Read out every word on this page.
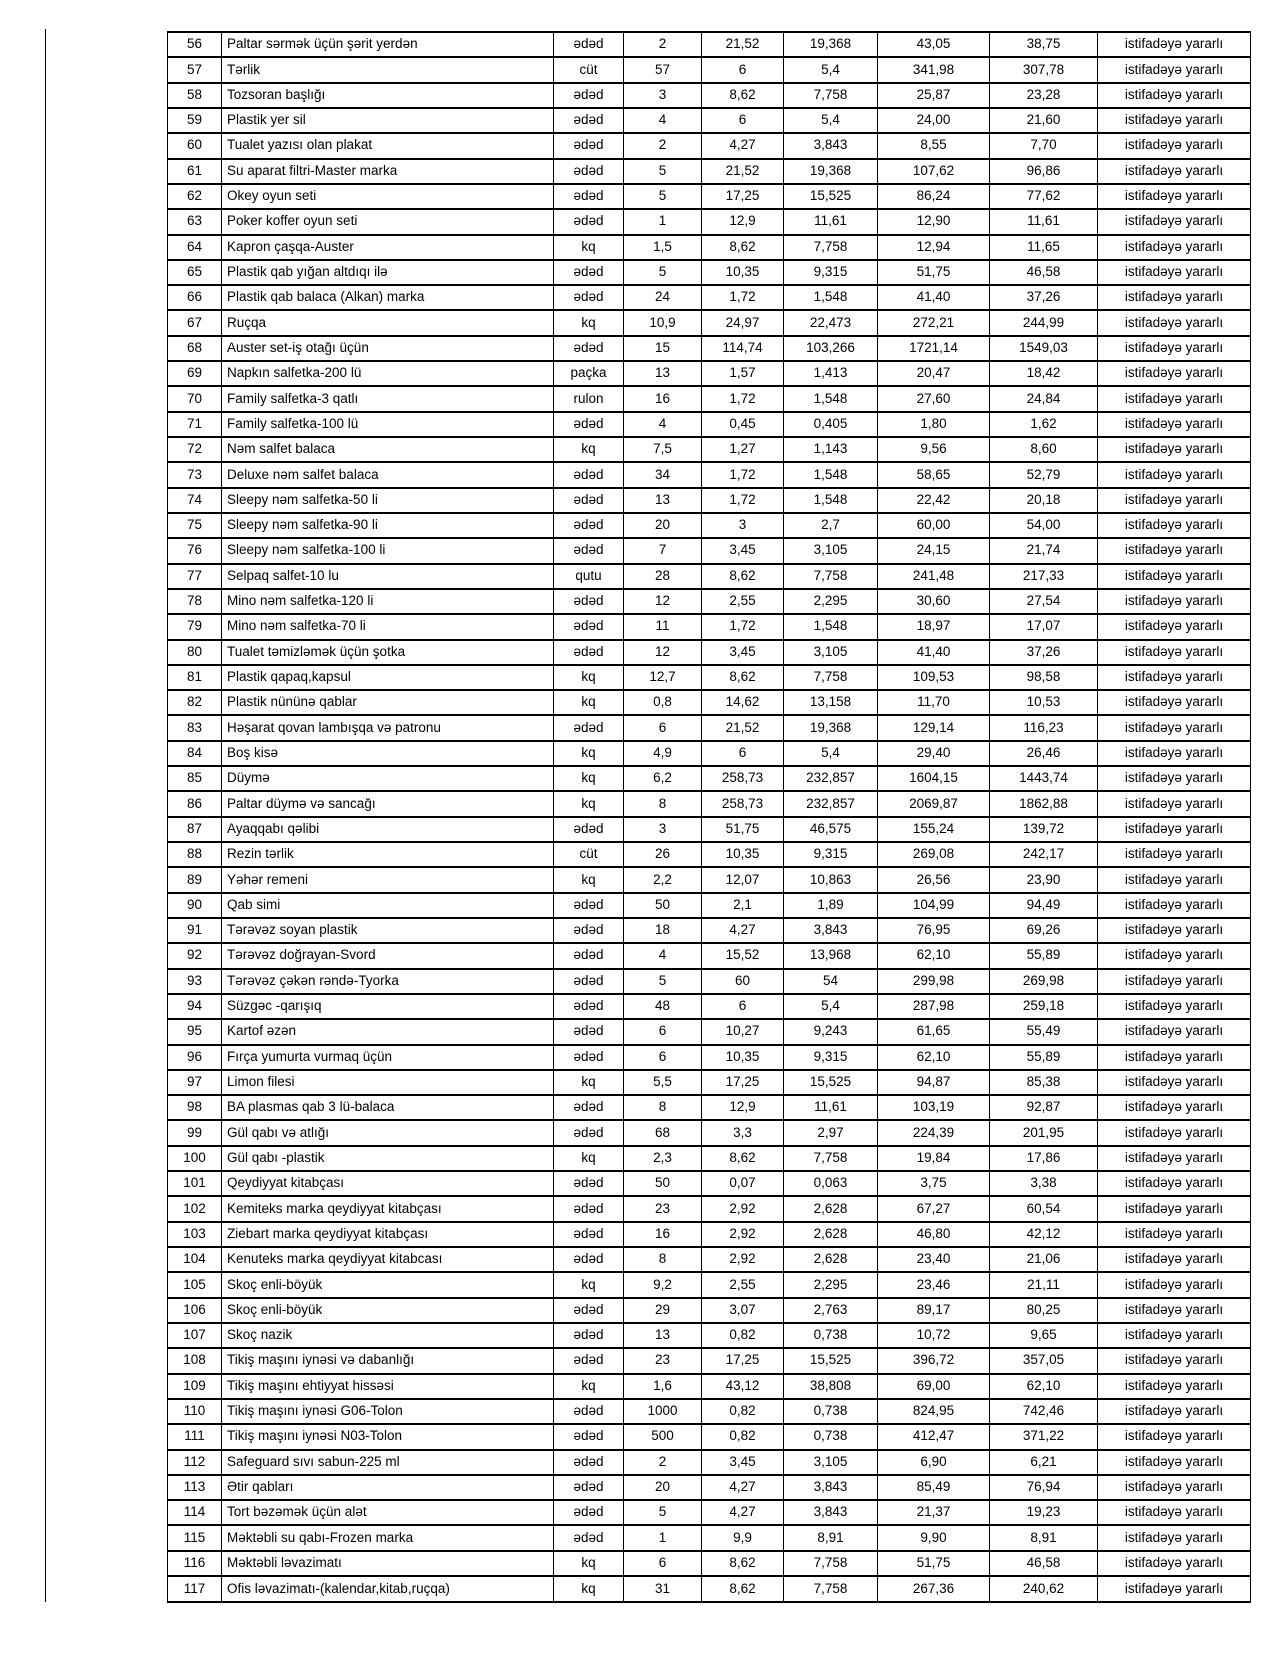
56	Paltar sərmək üçün şərit yerdən	ədəd	2	21,52	19,368	43,05	38,75	istifadəyə yararlı
57	Tərlik	cüt	57	6	5,4	341,98	307,78	istifadəyə yararlı
58	Tozsoran başlığı	ədəd	3	8,62	7,758	25,87	23,28	istifadəyə yararlı
59	Plastik yer sil	ədəd	4	6	5,4	24,00	21,60	istifadəyə yararlı
60	Tualet yazısı olan plakat	ədəd	2	4,27	3,843	8,55	7,70	istifadəyə yararlı
61	Su aparat filtri-Master marka	ədəd	5	21,52	19,368	107,62	96,86	istifadəyə yararlı
62	Okey oyun seti	ədəd	5	17,25	15,525	86,24	77,62	istifadəyə yararlı
63	Poker koffer oyun seti	ədəd	1	12,9	11,61	12,90	11,61	istifadəyə yararlı
64	Kapron çaşqa-Auster	kq	1,5	8,62	7,758	12,94	11,65	istifadəyə yararlı
65	Plastik qab yığan altdıqı ilə	ədəd	5	10,35	9,315	51,75	46,58	istifadəyə yararlı
66	Plastik qab balaca (Alkan) marka	ədəd	24	1,72	1,548	41,40	37,26	istifadəyə yararlı
67	Ruçqa	kq	10,9	24,97	22,473	272,21	244,99	istifadəyə yararlı
68	Auster set-iş otağı üçün	ədəd	15	114,74	103,266	1721,14	1549,03	istifadəyə yararlı
69	Napkın salfetka-200 lü	paçka	13	1,57	1,413	20,47	18,42	istifadəyə yararlı
70	Family salfetka-3 qatlı	rulon	16	1,72	1,548	27,60	24,84	istifadəyə yararlı
71	Family salfetka-100 lü	ədəd	4	0,45	0,405	1,80	1,62	istifadəyə yararlı
72	Nəm salfet balaca	kq	7,5	1,27	1,143	9,56	8,60	istifadəyə yararlı
73	Deluxe nəm salfet balaca	ədəd	34	1,72	1,548	58,65	52,79	istifadəyə yararlı
74	Sleepy nəm salfetka-50 li	ədəd	13	1,72	1,548	22,42	20,18	istifadəyə yararlı
75	Sleepy nəm salfetka-90 li	ədəd	20	3	2,7	60,00	54,00	istifadəyə yararlı
76	Sleepy nəm salfetka-100 li	ədəd	7	3,45	3,105	24,15	21,74	istifadəyə yararlı
77	Selpaq salfet-10 lu	qutu	28	8,62	7,758	241,48	217,33	istifadəyə yararlı
78	Mino nəm salfetka-120 li	ədəd	12	2,55	2,295	30,60	27,54	istifadəyə yararlı
79	Mino nəm salfetka-70 li	ədəd	11	1,72	1,548	18,97	17,07	istifadəyə yararlı
80	Tualet təmizləmək üçün şotka	ədəd	12	3,45	3,105	41,40	37,26	istifadəyə yararlı
81	Plastik qapaq,kapsul	kq	12,7	8,62	7,758	109,53	98,58	istifadəyə yararlı
82	Plastik nününə qablar	kq	0,8	14,62	13,158	11,70	10,53	istifadəyə yararlı
83	Həşarat qovan lambışqa və patronu	ədəd	6	21,52	19,368	129,14	116,23	istifadəyə yararlı
84	Boş kisə	kq	4,9	6	5,4	29,40	26,46	istifadəyə yararlı
85	Düymə	kq	6,2	258,73	232,857	1604,15	1443,74	istifadəyə yararlı
86	Paltar düymə və sancağı	kq	8	258,73	232,857	2069,87	1862,88	istifadəyə yararlı
87	Ayaqqabı qəlibi	ədəd	3	51,75	46,575	155,24	139,72	istifadəyə yararlı
88	Rezin tərlik	cüt	26	10,35	9,315	269,08	242,17	istifadəyə yararlı
89	Yəhər remeni	kq	2,2	12,07	10,863	26,56	23,90	istifadəyə yararlı
90	Qab simi	ədəd	50	2,1	1,89	104,99	94,49	istifadəyə yararlı
91	Tərəvəz soyan plastik	ədəd	18	4,27	3,843	76,95	69,26	istifadəyə yararlı
92	Tərəvəz doğrayan-Svord	ədəd	4	15,52	13,968	62,10	55,89	istifadəyə yararlı
93	Tərəvəz çəkən rəndə-Tyorka	ədəd	5	60	54	299,98	269,98	istifadəyə yararlı
94	Süzgəc -qarışıq	ədəd	48	6	5,4	287,98	259,18	istifadəyə yararlı
95	Kartof əzən	ədəd	6	10,27	9,243	61,65	55,49	istifadəyə yararlı
96	Fırça yumurta vurmaq üçün	ədəd	6	10,35	9,315	62,10	55,89	istifadəyə yararlı
97	Limon filesi	kq	5,5	17,25	15,525	94,87	85,38	istifadəyə yararlı
98	BA plasmas qab 3 lü-balaca	ədəd	8	12,9	11,61	103,19	92,87	istifadəyə yararlı
99	Gül qabı və atlığı	ədəd	68	3,3	2,97	224,39	201,95	istifadəyə yararlı
100	Gül qabı -plastik	kq	2,3	8,62	7,758	19,84	17,86	istifadəyə yararlı
101	Qeydiyyat kitabçası	ədəd	50	0,07	0,063	3,75	3,38	istifadəyə yararlı
102	Kemiteks marka qeydiyyat kitabçası	ədəd	23	2,92	2,628	67,27	60,54	istifadəyə yararlı
103	Ziebart marka qeydiyyat kitabçası	ədəd	16	2,92	2,628	46,80	42,12	istifadəyə yararlı
104	Kenuteks marka qeydiyyat kitabcası	ədəd	8	2,92	2,628	23,40	21,06	istifadəyə yararlı
105	Skoç enli-böyük	kq	9,2	2,55	2,295	23,46	21,11	istifadəyə yararlı
106	Skoç enli-böyük	ədəd	29	3,07	2,763	89,17	80,25	istifadəyə yararlı
107	Skoç nazik	ədəd	13	0,82	0,738	10,72	9,65	istifadəyə yararlı
108	Tikiş maşını iynəsi və dabanlığı	ədəd	23	17,25	15,525	396,72	357,05	istifadəyə yararlı
109	Tikiş maşını ehtiyyat hissəsi	kq	1,6	43,12	38,808	69,00	62,10	istifadəyə yararlı
110	Tikiş maşını iynəsi G06-Tolon	ədəd	1000	0,82	0,738	824,95	742,46	istifadəyə yararlı
111	Tikiş maşını iynəsi N03-Tolon	ədəd	500	0,82	0,738	412,47	371,22	istifadəyə yararlı
112	Safeguard sıvı sabun-225 ml	ədəd	2	3,45	3,105	6,90	6,21	istifadəyə yararlı
113	Ətir qabları	ədəd	20	4,27	3,843	85,49	76,94	istifadəyə yararlı
114	Tort bəzəmək üçün alət	ədəd	5	4,27	3,843	21,37	19,23	istifadəyə yararlı
115	Məktəbli su qabı-Frozen marka	ədəd	1	9,9	8,91	9,90	8,91	istifadəyə yararlı
116	Məktəbli ləvazimatı	kq	6	8,62	7,758	51,75	46,58	istifadəyə yararlı
117	Ofis ləvazimatı-(kalendar,kitab,ruçqa)	kq	31	8,62	7,758	267,36	240,62	istifadəyə yararlı
